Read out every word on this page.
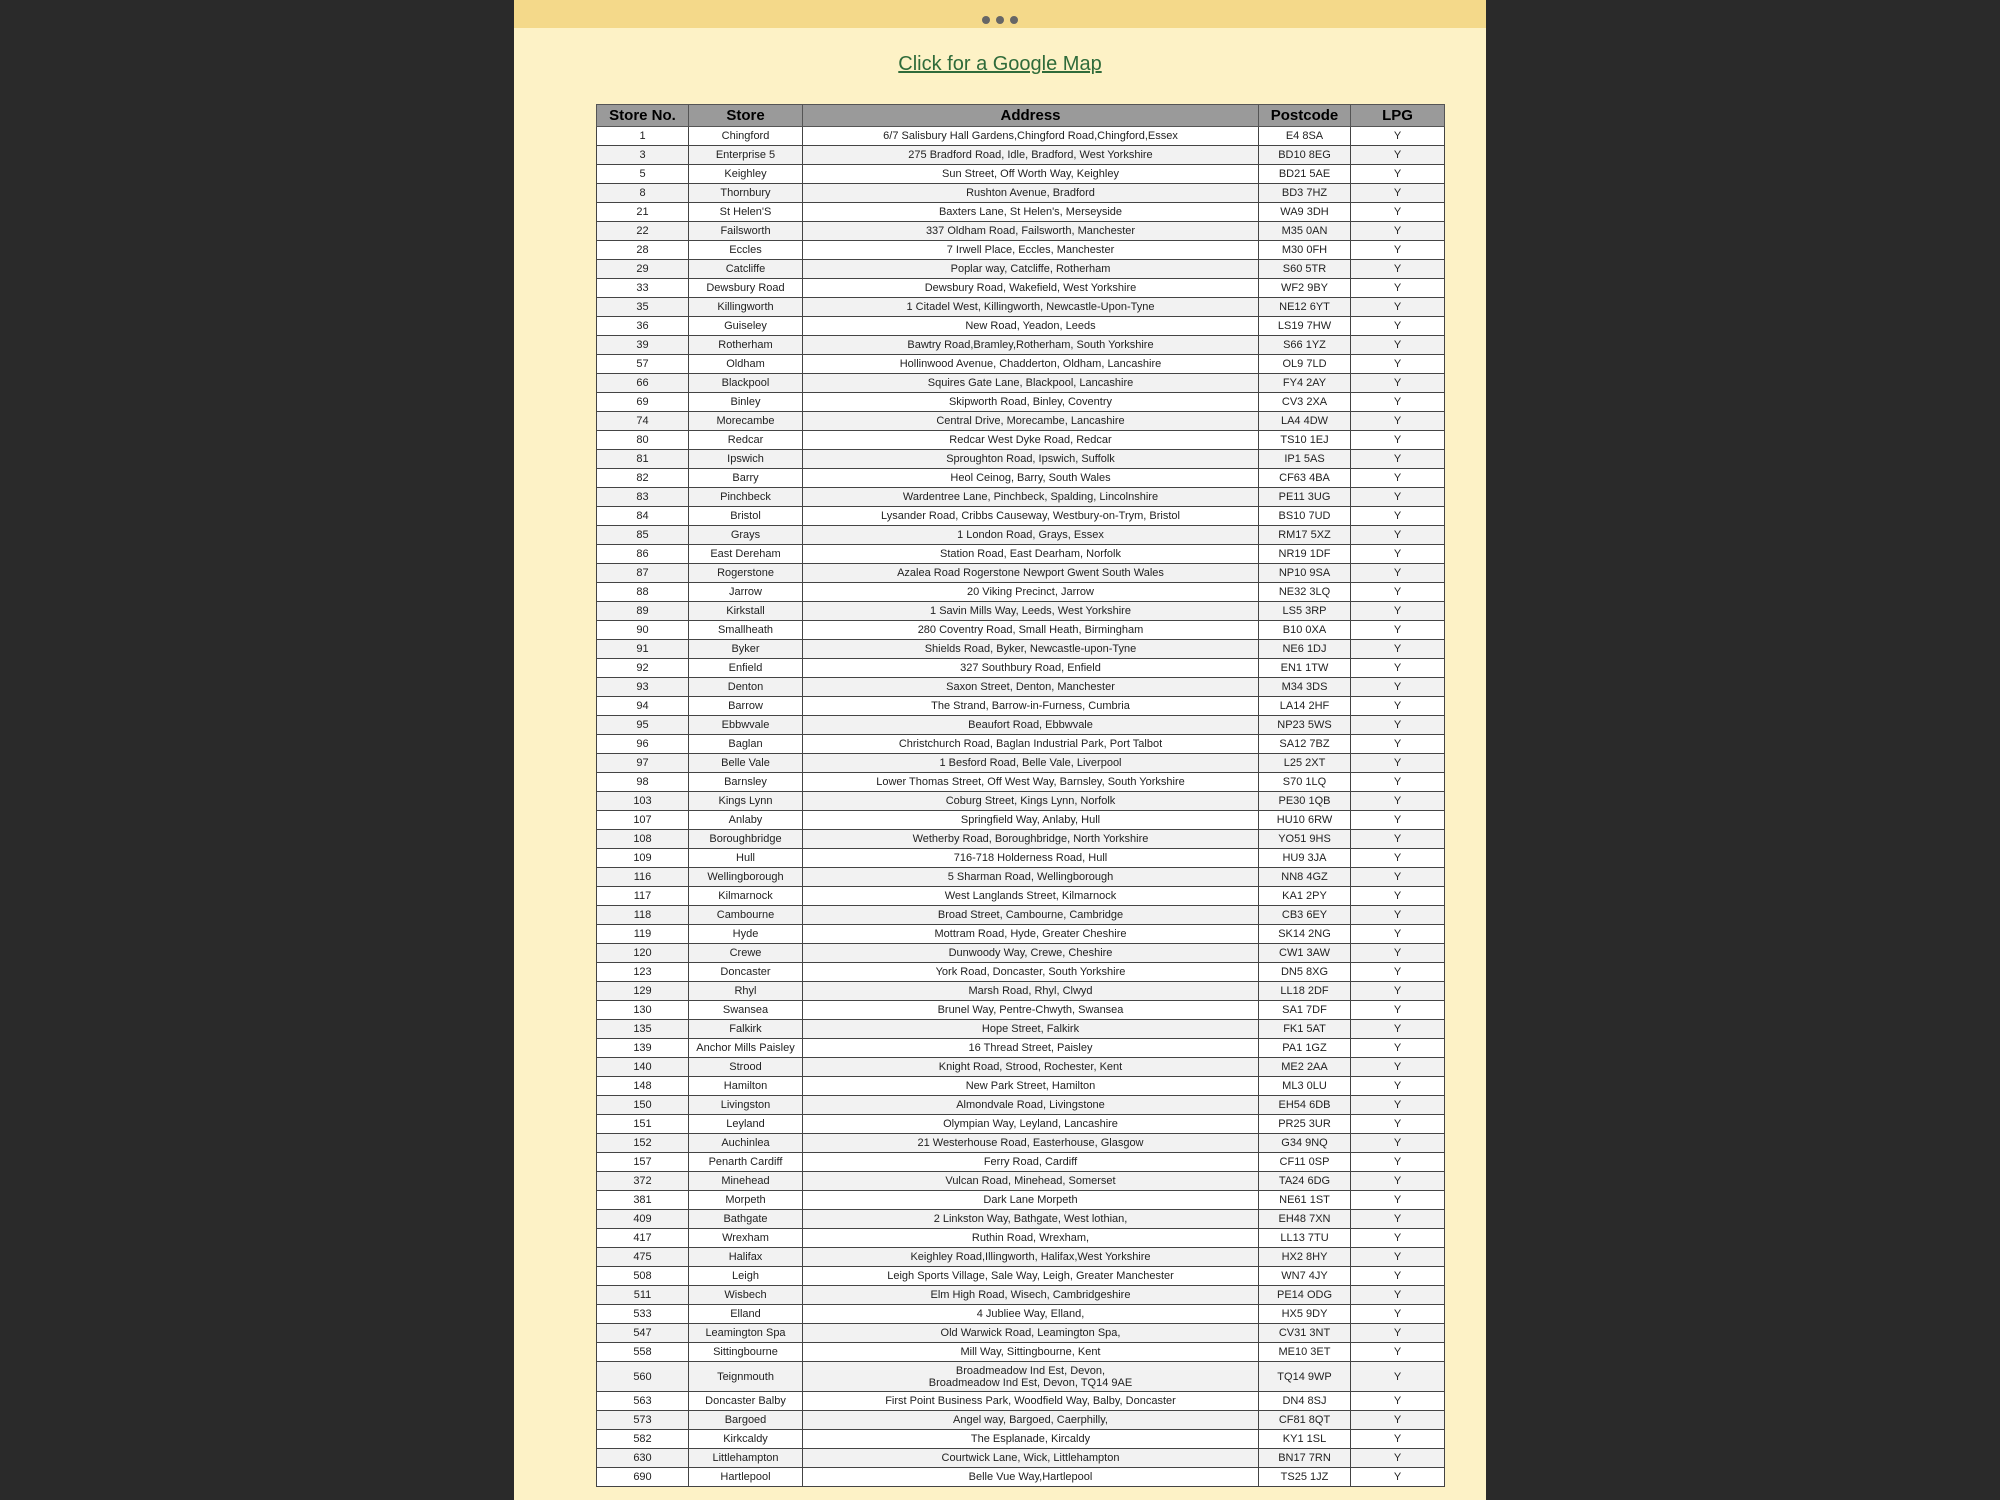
Click for a Google Map
Store No.	Store	Address	Postcode	LPG
1	Chingford	6/7 Salisbury Hall Gardens,Chingford Road,Chingford,Essex	E4 8SA	Y
3	Enterprise 5	275 Bradford Road, Idle, Bradford, West Yorkshire	BD10 8EG	Y
5	Keighley	Sun Street, Off Worth Way, Keighley	BD21 5AE	Y
8	Thornbury	Rushton Avenue, Bradford	BD3 7HZ	Y
21	St Helen'S	Baxters Lane, St Helen's, Merseyside	WA9 3DH	Y
22	Failsworth	337 Oldham Road, Failsworth, Manchester	M35 0AN	Y
28	Eccles	7 Irwell Place, Eccles, Manchester	M30 0FH	Y
29	Catcliffe	Poplar way, Catcliffe, Rotherham	S60 5TR	Y
33	Dewsbury Road	Dewsbury Road, Wakefield, West Yorkshire	WF2 9BY	Y
35	Killingworth	1 Citadel West, Killingworth, Newcastle-Upon-Tyne	NE12 6YT	Y
36	Guiseley	New Road, Yeadon, Leeds	LS19 7HW	Y
39	Rotherham	Bawtry Road,Bramley,Rotherham, South Yorkshire	S66 1YZ	Y
57	Oldham	Hollinwood Avenue, Chadderton, Oldham, Lancashire	OL9 7LD	Y
66	Blackpool	Squires Gate Lane, Blackpool, Lancashire	FY4 2AY	Y
69	Binley	Skipworth Road, Binley, Coventry	CV3 2XA	Y
74	Morecambe	Central Drive, Morecambe, Lancashire	LA4 4DW	Y
80	Redcar	Redcar West Dyke Road, Redcar	TS10 1EJ	Y
81	Ipswich	Sproughton Road, Ipswich, Suffolk	IP1 5AS	Y
82	Barry	Heol Ceinog, Barry, South Wales	CF63 4BA	Y
83	Pinchbeck	Wardentree Lane, Pinchbeck, Spalding, Lincolnshire	PE11 3UG	Y
84	Bristol	Lysander Road, Cribbs Causeway, Westbury-on-Trym, Bristol	BS10 7UD	Y
85	Grays	1 London Road, Grays, Essex	RM17 5XZ	Y
86	East Dereham	Station Road, East Dearham, Norfolk	NR19 1DF	Y
87	Rogerstone	Azalea Road Rogerstone Newport Gwent South Wales	NP10 9SA	Y
88	Jarrow	20 Viking Precinct, Jarrow	NE32 3LQ	Y
89	Kirkstall	1 Savin Mills Way, Leeds, West Yorkshire	LS5 3RP	Y
90	Smallheath	280 Coventry Road, Small Heath, Birmingham	B10 0XA	Y
91	Byker	Shields Road, Byker, Newcastle-upon-Tyne	NE6 1DJ	Y
92	Enfield	327 Southbury Road, Enfield	EN1 1TW	Y
93	Denton	Saxon Street, Denton, Manchester	M34 3DS	Y
94	Barrow	The Strand, Barrow-in-Furness, Cumbria	LA14 2HF	Y
95	Ebbwvale	Beaufort Road, Ebbwvale	NP23 5WS	Y
96	Baglan	Christchurch Road, Baglan Industrial Park, Port Talbot	SA12 7BZ	Y
97	Belle Vale	1 Besford Road, Belle Vale, Liverpool	L25 2XT	Y
98	Barnsley	Lower Thomas Street, Off West Way, Barnsley, South Yorkshire	S70 1LQ	Y
103	Kings Lynn	Coburg Street, Kings Lynn, Norfolk	PE30 1QB	Y
107	Anlaby	Springfield Way, Anlaby, Hull	HU10 6RW	Y
108	Boroughbridge	Wetherby Road, Boroughbridge, North Yorkshire	YO51 9HS	Y
109	Hull	716-718 Holderness Road, Hull	HU9 3JA	Y
116	Wellingborough	5 Sharman Road, Wellingborough	NN8 4GZ	Y
117	Kilmarnock	West Langlands Street, Kilmarnock	KA1 2PY	Y
118	Cambourne	Broad Street, Cambourne, Cambridge	CB3 6EY	Y
119	Hyde	Mottram Road, Hyde, Greater Cheshire	SK14 2NG	Y
120	Crewe	Dunwoody Way, Crewe, Cheshire	CW1 3AW	Y
123	Doncaster	York Road, Doncaster, South Yorkshire	DN5 8XG	Y
129	Rhyl	Marsh Road, Rhyl, Clwyd	LL18 2DF	Y
130	Swansea	Brunel Way, Pentre-Chwyth, Swansea	SA1 7DF	Y
135	Falkirk	Hope Street, Falkirk	FK1 5AT	Y
139	Anchor Mills Paisley	16 Thread Street, Paisley	PA1 1GZ	Y
140	Strood	Knight Road, Strood, Rochester, Kent	ME2 2AA	Y
148	Hamilton	New Park Street, Hamilton	ML3 0LU	Y
150	Livingston	Almondvale Road, Livingstone	EH54 6DB	Y
151	Leyland	Olympian Way, Leyland, Lancashire	PR25 3UR	Y
152	Auchinlea	21 Westerhouse Road, Easterhouse, Glasgow	G34 9NQ	Y
157	Penarth Cardiff	Ferry Road, Cardiff	CF11 0SP	Y
372	Minehead	Vulcan Road, Minehead, Somerset	TA24 6DG	Y
381	Morpeth	Dark Lane Morpeth	NE61 1ST	Y
409	Bathgate	2 Linkston Way, Bathgate, West lothian,	EH48 7XN	Y
417	Wrexham	Ruthin Road, Wrexham,	LL13 7TU	Y
475	Halifax	Keighley Road,Illingworth, Halifax,West Yorkshire	HX2 8HY	Y
508	Leigh	Leigh Sports Village, Sale Way, Leigh, Greater Manchester	WN7 4JY	Y
511	Wisbech	Elm High Road, Wisech, Cambridgeshire	PE14 ODG	Y
533	Elland	4 Jubliee Way, Elland,	HX5 9DY	Y
547	Leamington Spa	Old Warwick Road, Leamington Spa,	CV31 3NT	Y
558	Sittingbourne	Mill Way, Sittingbourne, Kent	ME10 3ET	Y
560	Teignmouth	Broadmeadow Ind Est, Devon,
Broadmeadow Ind Est, Devon, TQ14 9AE	TQ14 9WP	Y
563	Doncaster Balby	First Point Business Park, Woodfield Way, Balby, Doncaster	DN4 8SJ	Y
573	Bargoed	Angel way, Bargoed, Caerphilly,	CF81 8QT	Y
582	Kirkcaldy	The Esplanade, Kircaldy	KY1 1SL	Y
630	Littlehampton	Courtwick Lane, Wick, Littlehampton	BN17 7RN	Y
690	Hartlepool	Belle Vue Way,Hartlepool	TS25 1JZ	Y
